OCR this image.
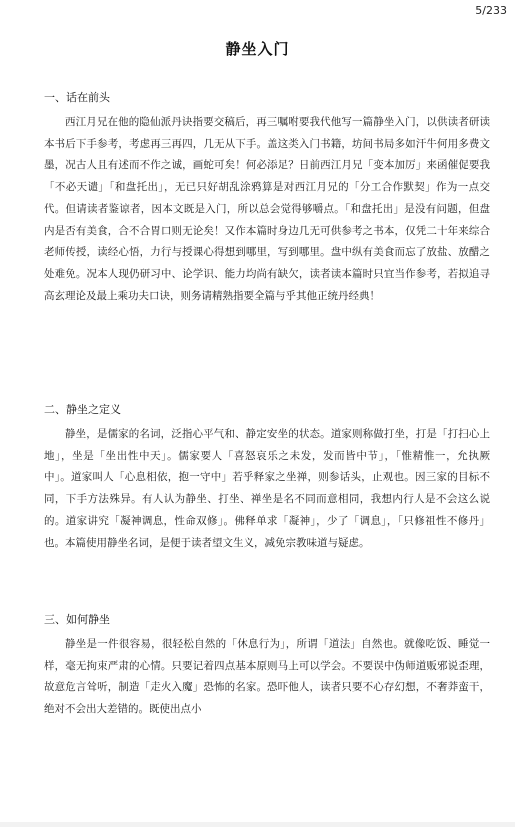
5/233
静坐入门
一、话在前头

西江月兄在他的隐仙派丹诀指要交稿后，再三嘱咐要我代他写一篇静坐入门，以供读者研读本书后下手参考，考虑再三再四，几无从下手。盖这类入门书籍，坊间书局多如汗牛何用多费文墨，况古人且有述而不作之诚，画蛇可矣！何必添足？日前西江月兄「变本加厉」来函催促要我「不必天谴」「和盘托出」，无已只好胡乱涂鸦算是对西江月兄的「分工合作默契」作为一点交代。但请读者鉴谅者，因本文既是入门，所以总会觉得够嚼点。「和盘托出」是没有问题，但盘内是否有美食，合不合胃口则无论矣！又作本篇时身边几无可供参考之书本，仅凭二十年来综合老师传授，读经心悟，力行与授课心得想到哪里，写到哪里。盘中纵有美食而忘了放盐、放醋之处难免。况本人现仍研习中、论学识、能力均尚有缺欠，读者读本篇时只宜当作参考，若拟追寻高玄理论及最上乘功夫口诀，则务请精熟指要全篇与乎其他正统丹经典！

二、静坐之定义

静坐，是儒家的名词，泛指心平气和、静定安坐的状态。道家则称做打坐，打是「打扫心上地」，坐是「坐出性中天」。儒家要人「喜怒哀乐之未发，发而皆中节」，「惟精惟一，允执厥中」。道家叫人「心息相依，抱一守中」若乎释家之坐禅，则参话头，止观也。因三家的目标不同，下手方法殊异。有人认为静坐、打坐、禅坐是名不同而意相同，我想内行人是不会这么说的。道家讲究「凝神调息，性命双修」。佛释单求「凝神」，少了「调息」，「只修祖性不修丹」也。本篇使用静坐名词，是便于读者望文生义，减免宗教味道与疑虑。

三、如何静坐

静坐是一件很容易，很轻松自然的「休息行为」，所谓「道法」自然也。就像吃饭、睡觉一样，毫无拘束严肃的心情。只要记着四点基本原则马上可以学会。不要误中伪师道贩邪说歪理，故意危言耸听，制造「走火入魔」恐怖的名家。恐吓他人，读者只要不心存幻想，不奢莽蛮干，绝对不会出大差错的。既使出点小
